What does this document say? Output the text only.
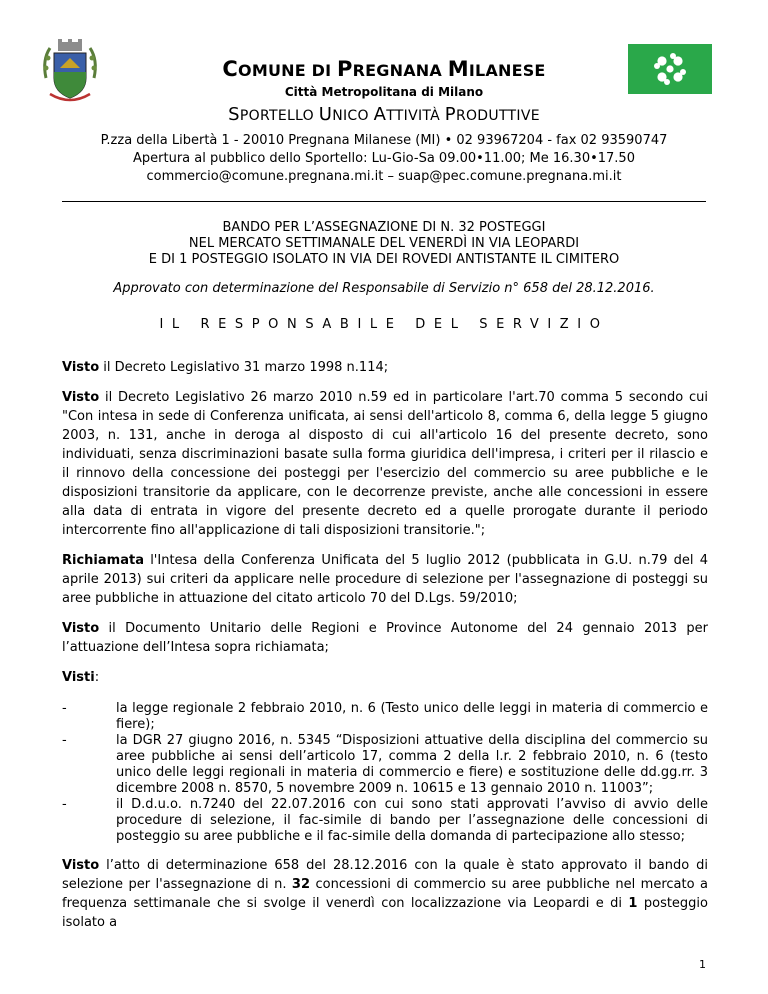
COMUNE DI PREGNANA MILANESE
Città Metropolitana di Milano
SPORTELLO UNICO ATTIVITÀ PRODUTTIVE
P.zza della Libertà 1 - 20010 Pregnana Milanese (MI) • 02 93967204 - fax 02 93590747
Apertura al pubblico dello Sportello: Lu-Gio-Sa 09.00•11.00; Me 16.30•17.50
commercio@comune.pregnana.mi.it – suap@pec.comune.pregnana.mi.it
BANDO PER L’ASSEGNAZIONE DI N. 32 POSTEGGI
NEL MERCATO SETTIMANALE DEL VENERDÌ IN VIA LEOPARDI
E DI 1 POSTEGGIO ISOLATO IN VIA DEI ROVEDI ANTISTANTE IL CIMITERO
Approvato con determinazione del Responsabile di Servizio n° 658 del 28.12.2016.
IL RESPONSABILE DEL SERVIZIO

Visto il Decreto Legislativo 31 marzo 1998 n.114;

Visto il Decreto Legislativo 26 marzo 2010 n.59 ed in particolare l'art.70 comma 5 secondo cui "Con intesa in sede di Conferenza unificata, ai sensi dell'articolo 8, comma 6, della legge 5 giugno 2003, n. 131, anche in deroga al disposto di cui all'articolo 16 del presente decreto, sono individuati, senza discriminazioni basate sulla forma giuridica dell'impresa, i criteri per il rilascio e il rinnovo della concessione dei posteggi per l'esercizio del commercio su aree pubbliche e le disposizioni transitorie da applicare, con le decorrenze previste, anche alle concessioni in essere alla data di entrata in vigore del presente decreto ed a quelle prorogate durante il periodo intercorrente fino all'applicazione di tali disposizioni transitorie.";

Richiamata l'Intesa della Conferenza Unificata del 5 luglio 2012 (pubblicata in G.U. n.79 del 4 aprile 2013) sui criteri da applicare nelle procedure di selezione per l'assegnazione di posteggi su aree pubbliche in attuazione del citato articolo 70 del D.Lgs. 59/2010;

Visto il Documento Unitario delle Regioni e Province Autonome del 24 gennaio 2013 per l’attuazione dell’Intesa sopra richiamata;

Visti:

-	la legge regionale 2 febbraio 2010, n. 6 (Testo unico delle leggi in materia di commercio e fiere);
-	la DGR 27 giugno 2016, n. 5345 “Disposizioni attuative della disciplina del commercio su aree pubbliche ai sensi dell’articolo 17, comma 2 della l.r. 2 febbraio 2010, n. 6 (testo unico delle leggi regionali in materia di commercio e fiere) e sostituzione delle dd.gg.rr. 3 dicembre 2008 n. 8570, 5 novembre 2009 n. 10615 e 13 gennaio 2010 n. 11003”;
-	il D.d.u.o. n.7240 del 22.07.2016 con cui sono stati approvati l’avviso di avvio delle procedure di selezione, il fac-simile di bando per l’assegnazione delle concessioni di posteggio su aree pubbliche e il fac-simile della domanda di partecipazione allo stesso;

Visto l’atto di determinazione 658 del 28.12.2016 con la quale è stato approvato il bando di selezione per l'assegnazione di n. 32 concessioni di commercio su aree pubbliche nel mercato a frequenza settimanale che si svolge il venerdì con localizzazione via Leopardi e di 1 posteggio isolato a

1
